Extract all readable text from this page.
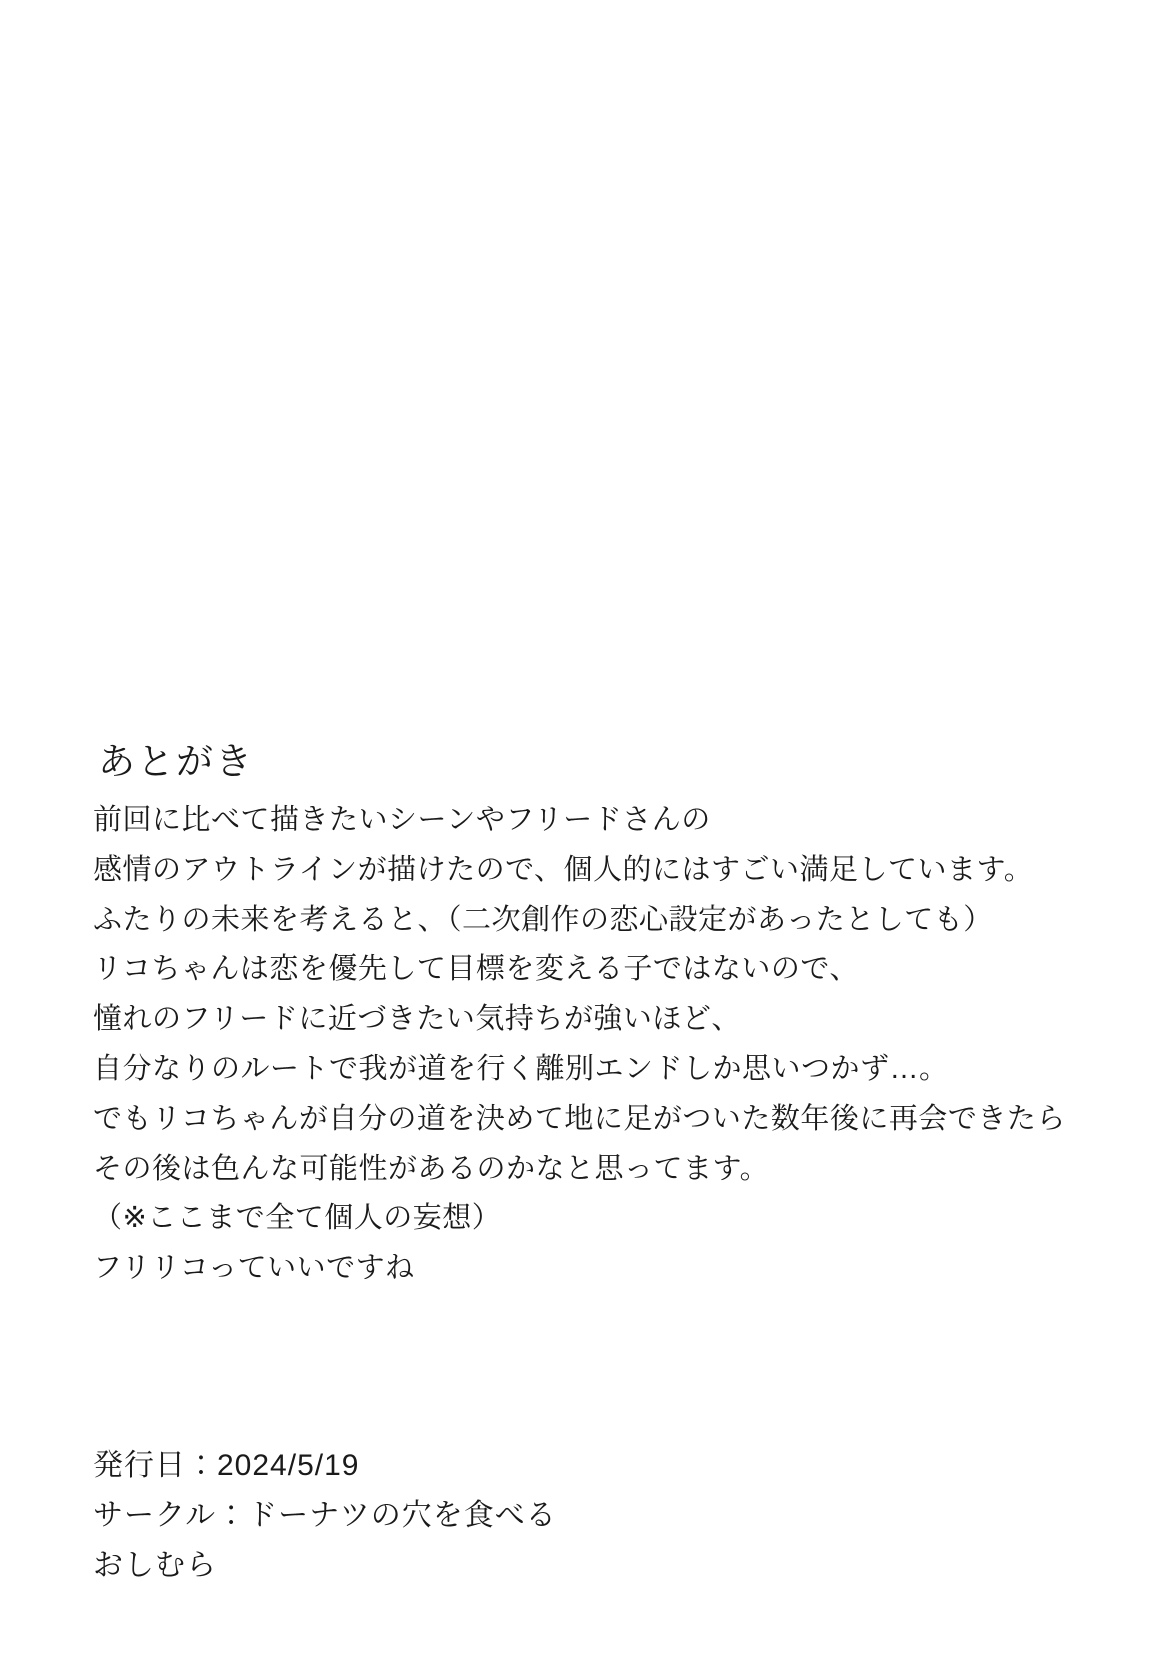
あとがき

前回に比べて描きたいシーンやフリードさんの

感情のアウトラインが描けたので、個人的にはすごい満足しています。

ふたりの未来を考えると、（二次創作の恋心設定があったとしても）

リコちゃんは恋を優先して目標を変える子ではないので、

憧れのフリードに近づきたい気持ちが強いほど、

自分なりのルートで我が道を行く離別エンドしか思いつかず…。

でもリコちゃんが自分の道を決めて地に足がついた数年後に再会できたら

その後は色んな可能性があるのかなと思ってます。

（※ここまで全て個人の妄想）

フリリコっていいですね

発行日：2024/5/19

サークル：ドーナツの穴を食べる

おしむら
